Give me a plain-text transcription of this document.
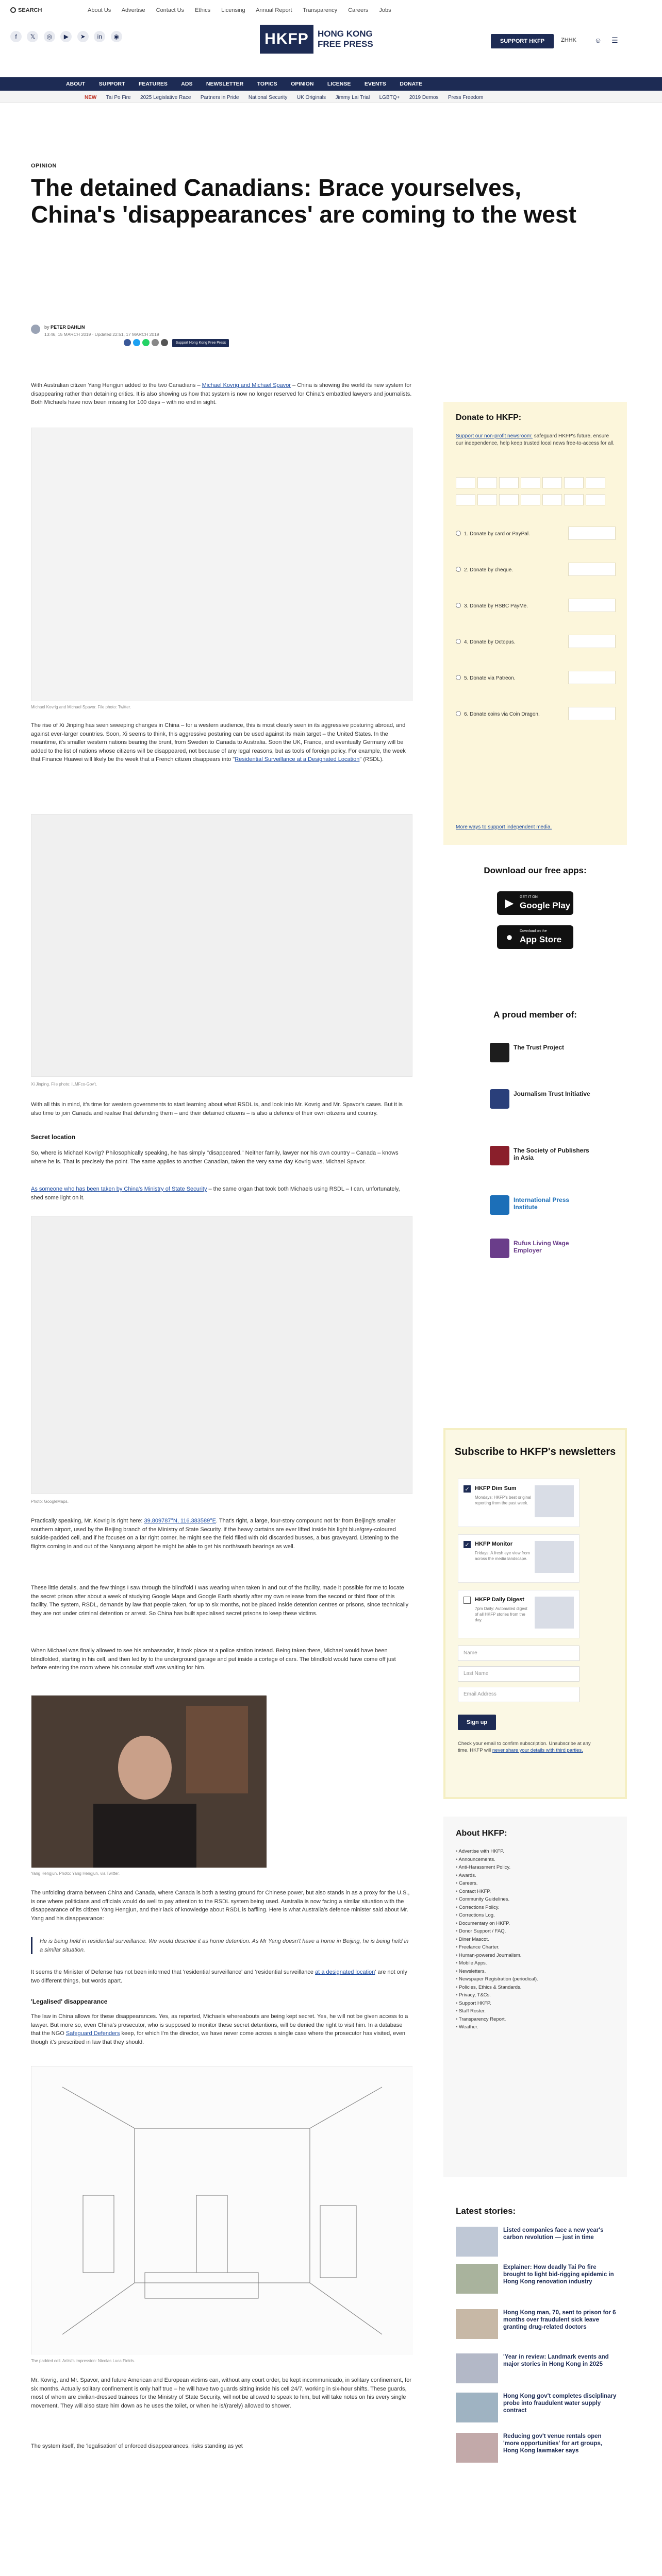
SEARCH	About Us Advertise Contact Us Ethics Licensing Annual Report Transparency Careers Jobs
f 𝕏 ◎ ▶ ➤ in ◉	HKFP	HONG KONG FREE PRESS	SUPPORT HKFP	ZHHK ☺ ☰
ABOUT	SUPPORT	FEATURES	ADS	NEWSLETTER	TOPICS	OPINION	LICENSE	EVENTS	DONATE
NEW Tai Po Fire 2025 Legislative Race Partners in Pride National Security UK Originals Jimmy Lai Trial LGBTQ+ 2019 Demos Press Freedom
OPINION
The detained Canadians: Brace yourselves, China's 'disappearances' are coming to the west
by PETER DAHLIN
13:46, 15 MARCH 2019 · Updated 22:51, 17 MARCH 2019
Support Hong Kong Free Press

With Australian citizen Yang Hengjun added to the two Canadians – Michael Kovrig and Michael Spavor – China is showing the world its new system for disappearing rather than detaining critics. It is also showing us how that system is now no longer reserved for China's embattled lawyers and journalists. Both Michaels have now been missing for 100 days – with no end in sight.

Michael Kovrig and Michael Spavor. File photo: Twitter.

The rise of Xi Jinping has seen sweeping changes in China – for a western audience, this is most clearly seen in its aggressive posturing abroad, and against ever-larger countries. Soon, Xi seems to think, this aggressive posturing can be used against its main target – the United States. In the meantime, it's smaller western nations bearing the brunt, from Sweden to Canada to Australia. Soon the UK, France, and eventually Germany will be added to the list of nations whose citizens will be disappeared, not because of any legal reasons, but as tools of foreign policy. For example, the week that Finance Huawei will likely be the week that a French citizen disappears into "Residential Surveillance at a Designated Location" (RSDL).

Xi Jinping. File photo: iLMFco-Gov't.

With all this in mind, it's time for western governments to start learning about what RSDL is, and look into Mr. Kovrig and Mr. Spavor's cases. But it is also time to join Canada and realise that defending them – and their detained citizens – is also a defence of their own citizens and country.

Secret location

So, where is Michael Kovrig? Philosophically speaking, he has simply "disappeared." Neither family, lawyer nor his own country – Canada – knows where he is. That is precisely the point. The same applies to another Canadian, taken the very same day Kovrig was, Michael Spavor.

As someone who has been taken by China's Ministry of State Security – the same organ that took both Michaels using RSDL – I can, unfortunately, shed some light on it.

Photo: GoogleMaps.

Practically speaking, Mr. Kovrig is right here: 39.809787°N, 116.383589°E. That's right, a large, four-story compound not far from Beijing's smaller southern airport, used by the Beijing branch of the Ministry of State Security. If the heavy curtains are ever lifted inside his light blue/grey-coloured suicide-padded cell, and if he focuses on a far right corner, he might see the field filled with old discarded busses, a bus graveyard. Listening to the flights coming in and out of the Nanyuang airport he might be able to get his north/south bearings as well.

These little details, and the few things I saw through the blindfold I was wearing when taken in and out of the facility, made it possible for me to locate the secret prison after about a week of studying Google Maps and Google Earth shortly after my own release from the second or third floor of this facility. The system, RSDL, demands by law that people taken, for up to six months, not be placed inside detention centres or prisons, since technically they are not under criminal detention or arrest. So China has built specialised secret prisons to keep these victims.

When Michael was finally allowed to see his ambassador, it took place at a police station instead. Being taken there, Michael would have been blindfolded, starting in his cell, and then led by to the underground garage and put inside a cortege of cars. The blindfold would have come off just before entering the room where his consular staff was waiting for him.

Yang Hengjun. Photo: Yang Hengjun, via Twitter.

The unfolding drama between China and Canada, where Canada is both a testing ground for Chinese power, but also stands in as a proxy for the U.S., is one where politicians and officials would do well to pay attention to the RSDL system being used. Australia is now facing a similar situation with the disappearance of its citizen Yang Hengjun, and their lack of knowledge about RSDL is baffling. Here is what Australia's defence minister said about Mr. Yang and his disappearance:

He is being held in residential surveillance. We would describe it as home detention. As Mr Yang doesn't have a home in Beijing, he is being held in a similar situation.

It seems the Minister of Defense has not been informed that 'residential surveillance' and 'residential surveillance at a designated location' are not only two different things, but words apart.

'Legalised' disappearance

The law in China allows for these disappearances. Yes, as reported, Michaels whereabouts are being kept secret. Yes, he will not be given access to a lawyer. But more so, even China's prosecutor, who is supposed to monitor these secret detentions, will be denied the right to visit him. In a database that the NGO Safeguard Defenders keep, for which I'm the director, we have never come across a single case where the prosecutor has visited, even though it's prescribed in law that they should.

The padded cell. Artist's impression: Nicolas Luca Fields.

Mr. Kovrig, and Mr. Spavor, and future American and European victims can, without any court order, be kept incommunicado, in solitary confinement, for six months. Actually solitary confinement is only half true – he will have two guards sitting inside his cell 24/7, working in six-hour shifts. These guards, most of whom are civilian-dressed trainees for the Ministry of State Security, will not be allowed to speak to him, but will take notes on his every single movement. They will also stare him down as he uses the toilet, or when he is/(rarely) allowed to shower.

The system itself, the 'legalisation' of enforced disappearances, risks standing as yet

Donate to HKFP:
Support our non-profit newsroom: safeguard HKFP's future, ensure our independence, help keep trusted local news free-to-access for all.

1. Donate by card or PayPal.
2. Donate by cheque.
3. Donate by HSBC PayMe.
4. Donate by Octopus.
5. Donate via Patreon.
6. Donate coins via Coin Dragon.
More ways to support independent media.
Download our free apps:
▶	GET IT ON
Google Play
●	Download on the
App Store
A proud member of:
The Trust Project
Journalism Trust Initiative
The Society of Publishers in Asia
International Press Institute
Rufus Living Wage Employer
Subscribe to HKFP's newsletters
✓ HKFP Dim Sum
Mondays: HKFP's best original reporting from the past week.
✓ HKFP Monitor
Fridays: A fresh eye view from across the media landscape.
HKFP Daily Digest
7pm Daily: Automated digest of all HKFP stories from the day.
Name
Last Name
Email Address
Sign up
Check your email to confirm subscription. Unsubscribe at any time. HKFP will never share your details with third parties.
About HKFP:
• Advertise with HKFP.
• Announcements.
• Anti-Harassment Policy.
• Awards.
• Careers.
• Contact HKFP.
• Community Guidelines.
• Corrections Policy.
• Corrections Log.
• Documentary on HKFP.
• Donor Support / FAQ.
• Diner Mascot.
• Freelance Charter.
• Human-powered Journalism.
• Mobile Apps.
• Newsletters.
• Newspaper Registration (periodical).
• Policies, Ethics & Standards.
• Privacy, T&Cs.
• Support HKFP.
• Staff Roster.
• Transparency Report.
• Weather.
Latest stories:
Listed companies face a new year's carbon revolution — just in time
Explainer: How deadly Tai Po fire brought to light bid-rigging epidemic in Hong Kong renovation industry
Hong Kong man, 70, sent to prison for 6 months over fraudulent sick leave granting drug-related doctors
'Year in review: Landmark events and major stories in Hong Kong in 2025
Hong Kong gov't completes disciplinary probe into fraudulent water supply contract
Reducing gov't venue rentals open 'more opportunities' for art groups, Hong Kong lawmaker says
